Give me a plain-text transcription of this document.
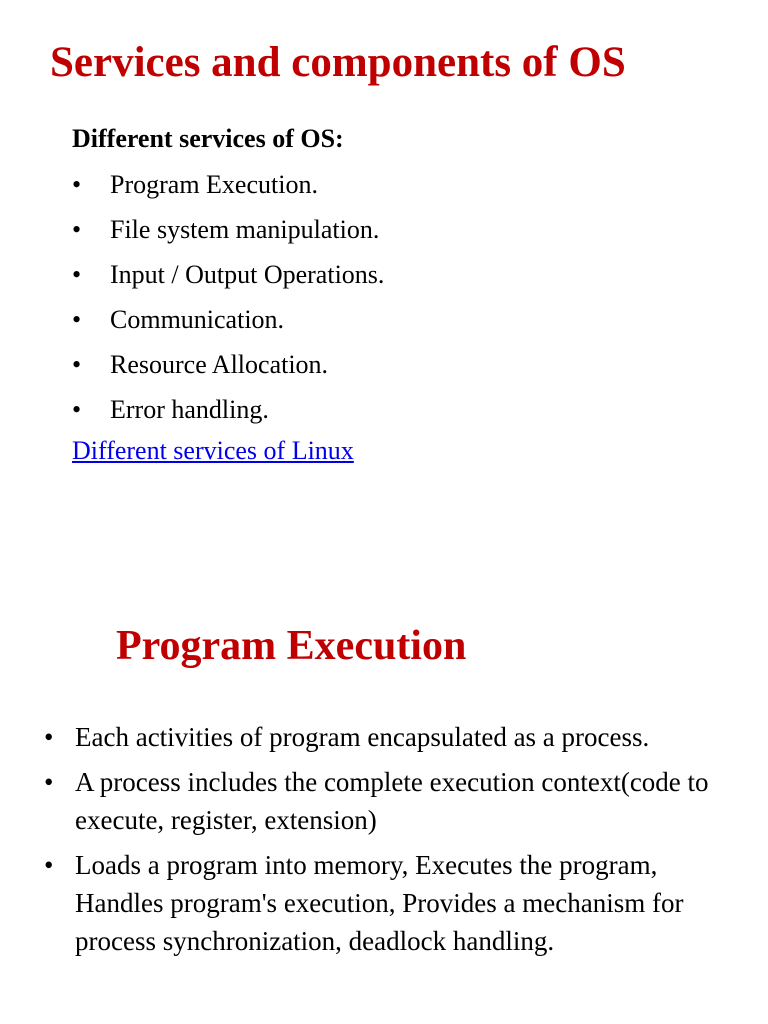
Services and components of OS
Different services of OS:
• Program Execution.
• File system manipulation.
• Input / Output Operations.
• Communication.
• Resource Allocation.
• Error handling.
Different services of Linux
Program Execution
• Each activities of program encapsulated as a process.
• A process includes the complete execution context(code to execute, register, extension)
• Loads a program into memory, Executes the program, Handles program's execution, Provides a mechanism for process synchronization, deadlock handling.
